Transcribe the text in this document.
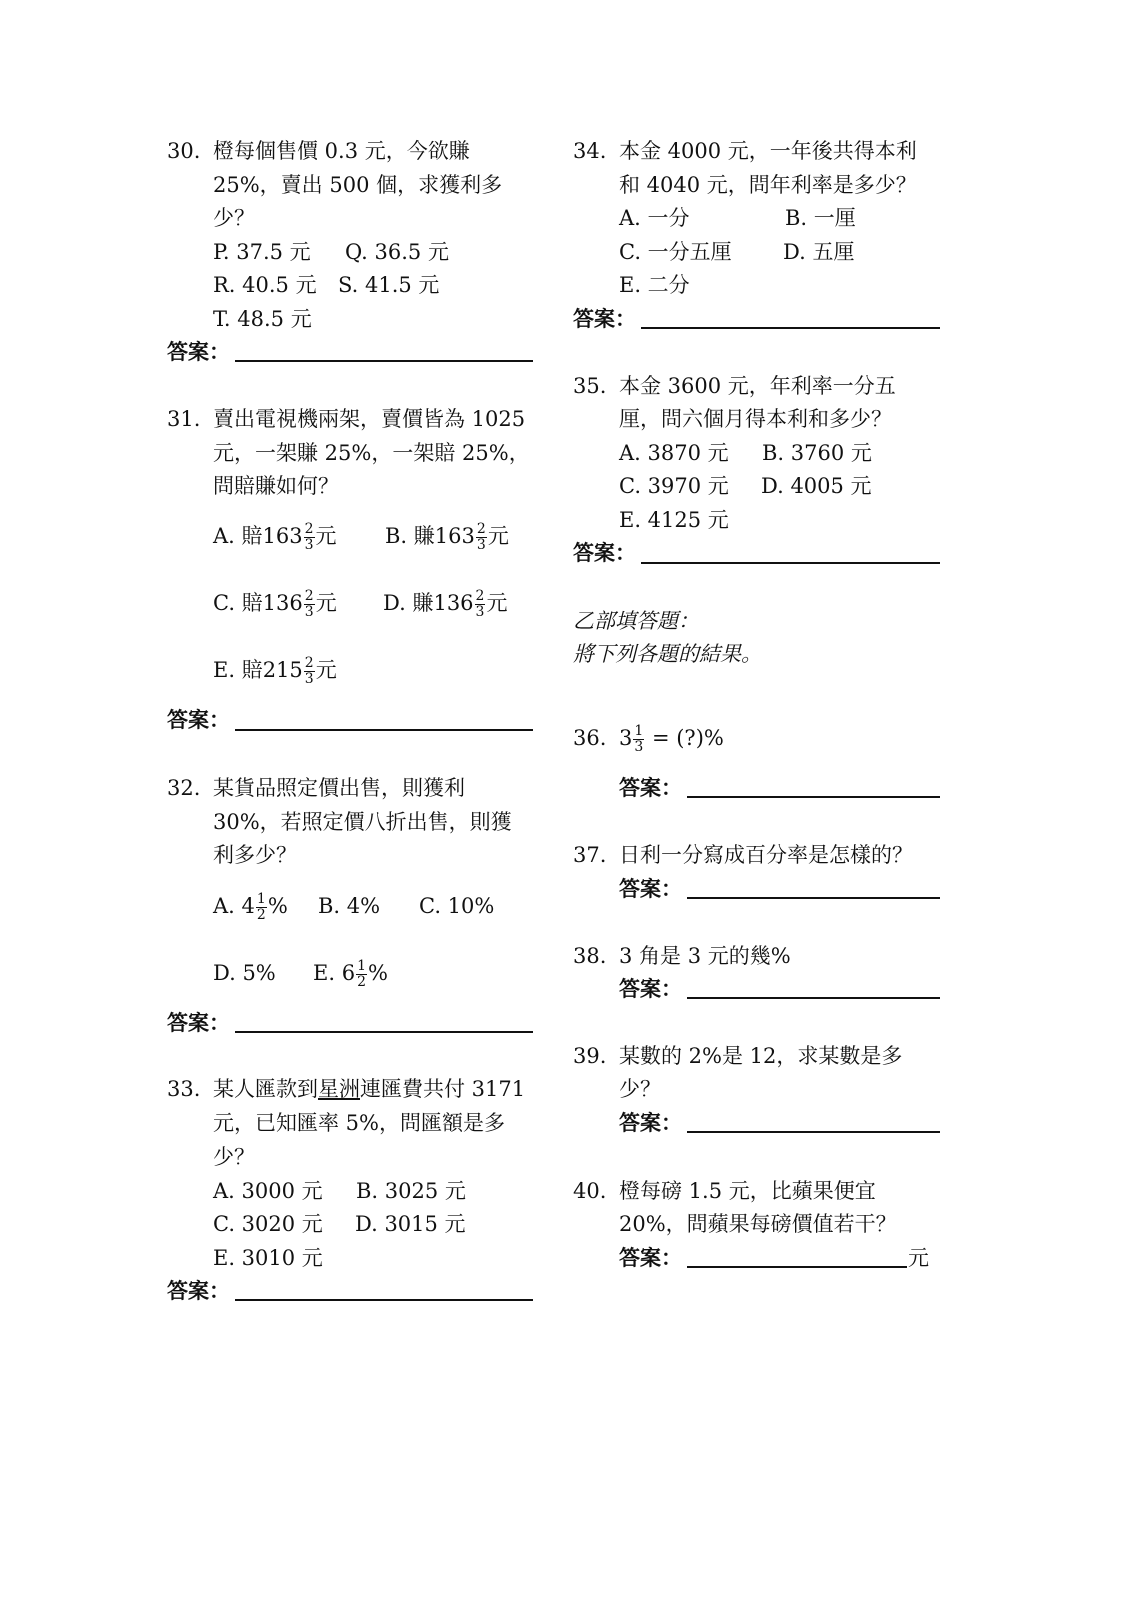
30. 橙每個售價 0.3 元，今欲賺
25%，賣出 500 個，求獲利多
少？
P. 37.5 元 Q. 36.5 元
R. 40.5 元 S. 41.5 元
T. 48.5 元
答案：
31. 賣出電視機兩架，賣價皆為 1025
元，一架賺 25%，一架賠 25%，
問賠賺如何？
A. 賠$163 \frac{2}{3}$ 元 B. 賺$163 \frac{2}{3}$ 元
C. 賠$136 \frac{2}{3}$ 元 D. 賺$136 \frac{2}{3}$ 元
E. 賠$215 \frac{2}{3}$ 元
答案：
32. 某貨品照定價出售，則獲利
30%，若照定價八折出售，則獲
利多少？
A. $4 \frac{1}{2}$ % B. 4% C. 10%
D. 5% E. $6 \frac{1}{2}$ %
答案：
33. 某人匯款到星洲連匯費共付 3171
元，已知匯率 5%，問匯額是多
少？
A. 3000 元 B. 3025 元
C. 3020 元 D. 3015 元
E. 3010 元
答案：
34. 本金 4000 元，一年後共得本利
和 4040 元，問年利率是多少？
A. 一分	B. 一厘
C. 一分五厘 D. 五厘
E. 二分
答案：
35. 本金 3600 元，年利率一分五
厘，問六個月得本利和多少？
A. 3870 元 B. 3760 元
C. 3970 元 D. 4005 元
E. 4125 元
答案：
乙部填答題：
將下列各題的結果。
36. $3 \frac{1}{3}$ = (?)%
答案：
37. 日利一分寫成百分率是怎樣的？
答案：
38. 3 角是 3 元的幾%
答案：
39. 某數的 2%是 12，求某數是多
少？
答案：
40. 橙每磅 1.5 元，比蘋果便宜
20%，問蘋果每磅價值若干？
答案：	元
